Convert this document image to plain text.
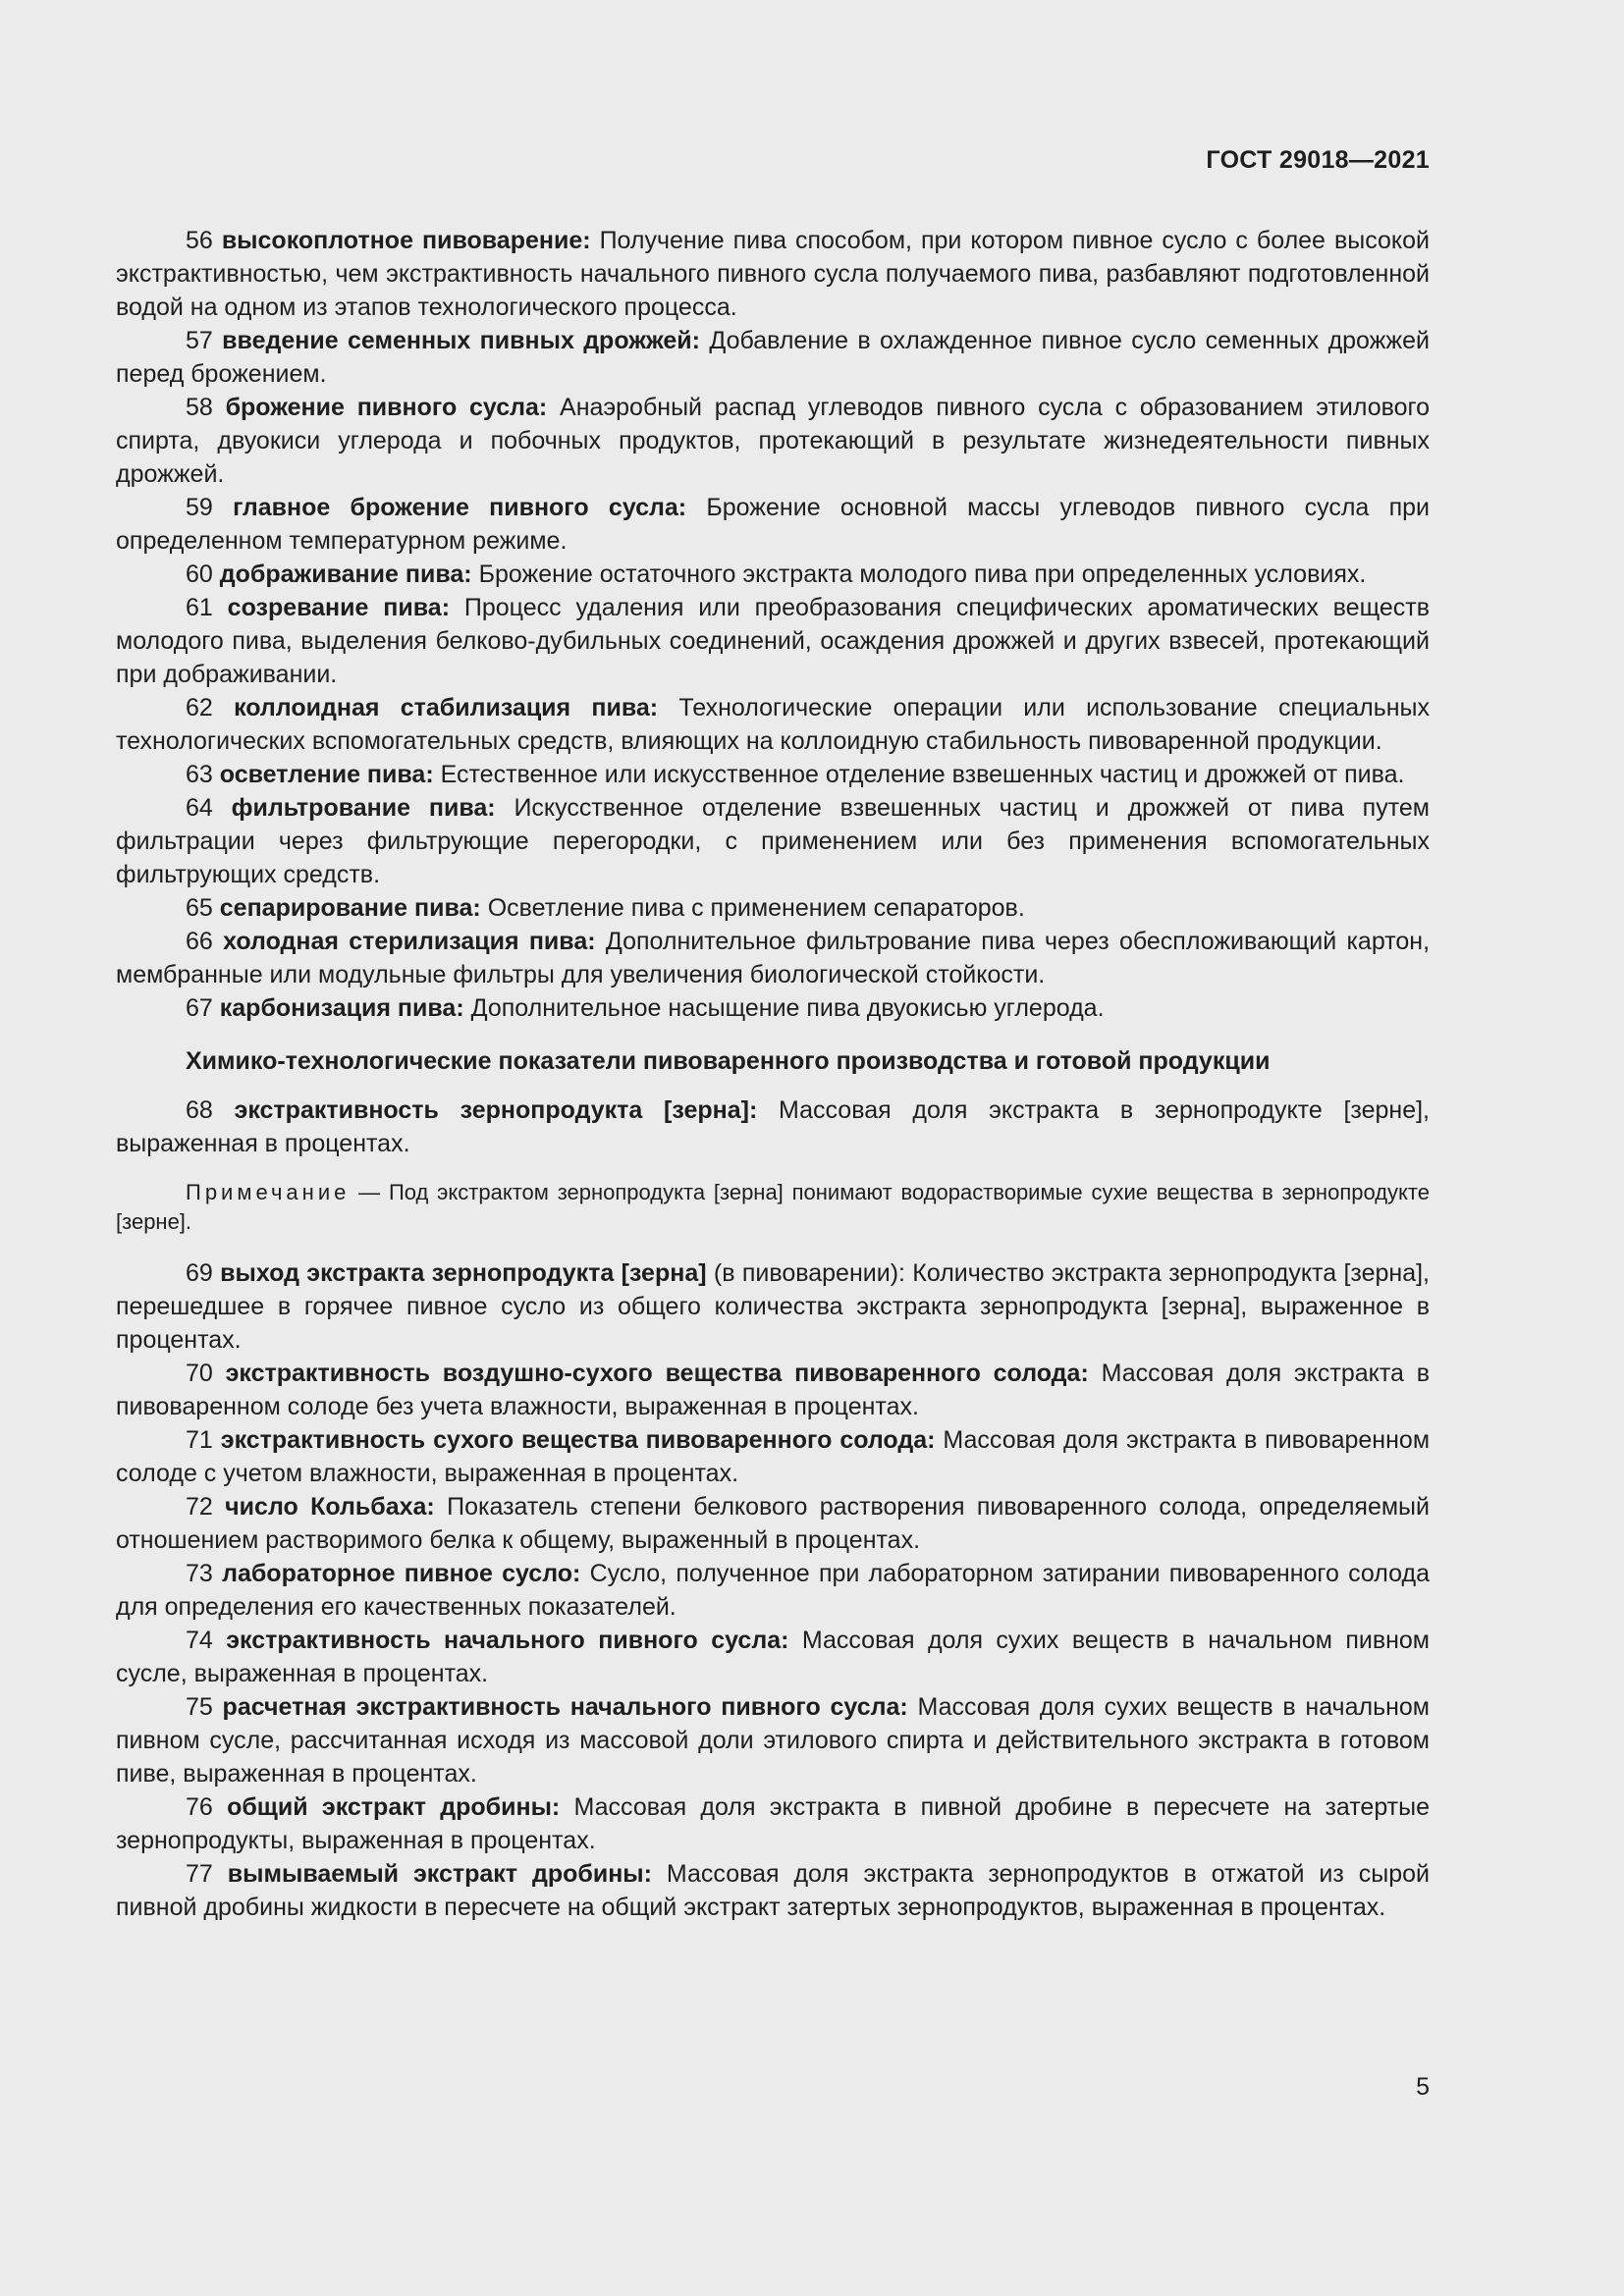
ГОСТ 29018—2021

56 высокоплотное пивоварение: Получение пива способом, при котором пивное сусло с более высокой экстрактивностью, чем экстрактивность начального пивного сусла получаемого пива, разбавляют подготовленной водой на одном из этапов технологического процесса.

57 введение семенных пивных дрожжей: Добавление в охлажденное пивное сусло семенных дрожжей перед брожением.

58 брожение пивного сусла: Анаэробный распад углеводов пивного сусла с образованием этилового спирта, двуокиси углерода и побочных продуктов, протекающий в результате жизнедеятельности пивных дрожжей.

59 главное брожение пивного сусла: Брожение основной массы углеводов пивного сусла при определенном температурном режиме.

60 дображивание пива: Брожение остаточного экстракта молодого пива при определенных условиях.

61 созревание пива: Процесс удаления или преобразования специфических ароматических веществ молодого пива, выделения белково-дубильных соединений, осаждения дрожжей и других взвесей, протекающий при дображивании.

62 коллоидная стабилизация пива: Технологические операции или использование специальных технологических вспомогательных средств, влияющих на коллоидную стабильность пивоваренной продукции.

63 осветление пива: Естественное или искусственное отделение взвешенных частиц и дрожжей от пива.

64 фильтрование пива: Искусственное отделение взвешенных частиц и дрожжей от пива путем фильтрации через фильтрующие перегородки, с применением или без применения вспомогательных фильтрующих средств.

65 сепарирование пива: Осветление пива с применением сепараторов.

66 холодная стерилизация пива: Дополнительное фильтрование пива через обеспложивающий картон, мембранные или модульные фильтры для увеличения биологической стойкости.

67 карбонизация пива: Дополнительное насыщение пива двуокисью углерода.

Химико-технологические показатели пивоваренного производства и готовой продукции

68 экстрактивность зернопродукта [зерна]: Массовая доля экстракта в зернопродукте [зерне], выраженная в процентах.

Примечание — Под экстрактом зернопродукта [зерна] понимают водорастворимые сухие вещества в зернопродукте [зерне].

69 выход экстракта зернопродукта [зерна] (в пивоварении): Количество экстракта зернопродукта [зерна], перешедшее в горячее пивное сусло из общего количества экстракта зернопродукта [зерна], выраженное в процентах.

70 экстрактивность воздушно-сухого вещества пивоваренного солода: Массовая доля экстракта в пивоваренном солоде без учета влажности, выраженная в процентах.

71 экстрактивность сухого вещества пивоваренного солода: Массовая доля экстракта в пивоваренном солоде с учетом влажности, выраженная в процентах.

72 число Кольбаха: Показатель степени белкового растворения пивоваренного солода, определяемый отношением растворимого белка к общему, выраженный в процентах.

73 лабораторное пивное сусло: Сусло, полученное при лабораторном затирании пивоваренного солода для определения его качественных показателей.

74 экстрактивность начального пивного сусла: Массовая доля сухих веществ в начальном пивном сусле, выраженная в процентах.

75 расчетная экстрактивность начального пивного сусла: Массовая доля сухих веществ в начальном пивном сусле, рассчитанная исходя из массовой доли этилового спирта и действительного экстракта в готовом пиве, выраженная в процентах.

76 общий экстракт дробины: Массовая доля экстракта в пивной дробине в пересчете на затертые зернопродукты, выраженная в процентах.

77 вымываемый экстракт дробины: Массовая доля экстракта зернопродуктов в отжатой из сырой пивной дробины жидкости в пересчете на общий экстракт затертых зернопродуктов, выраженная в процентах.

5
